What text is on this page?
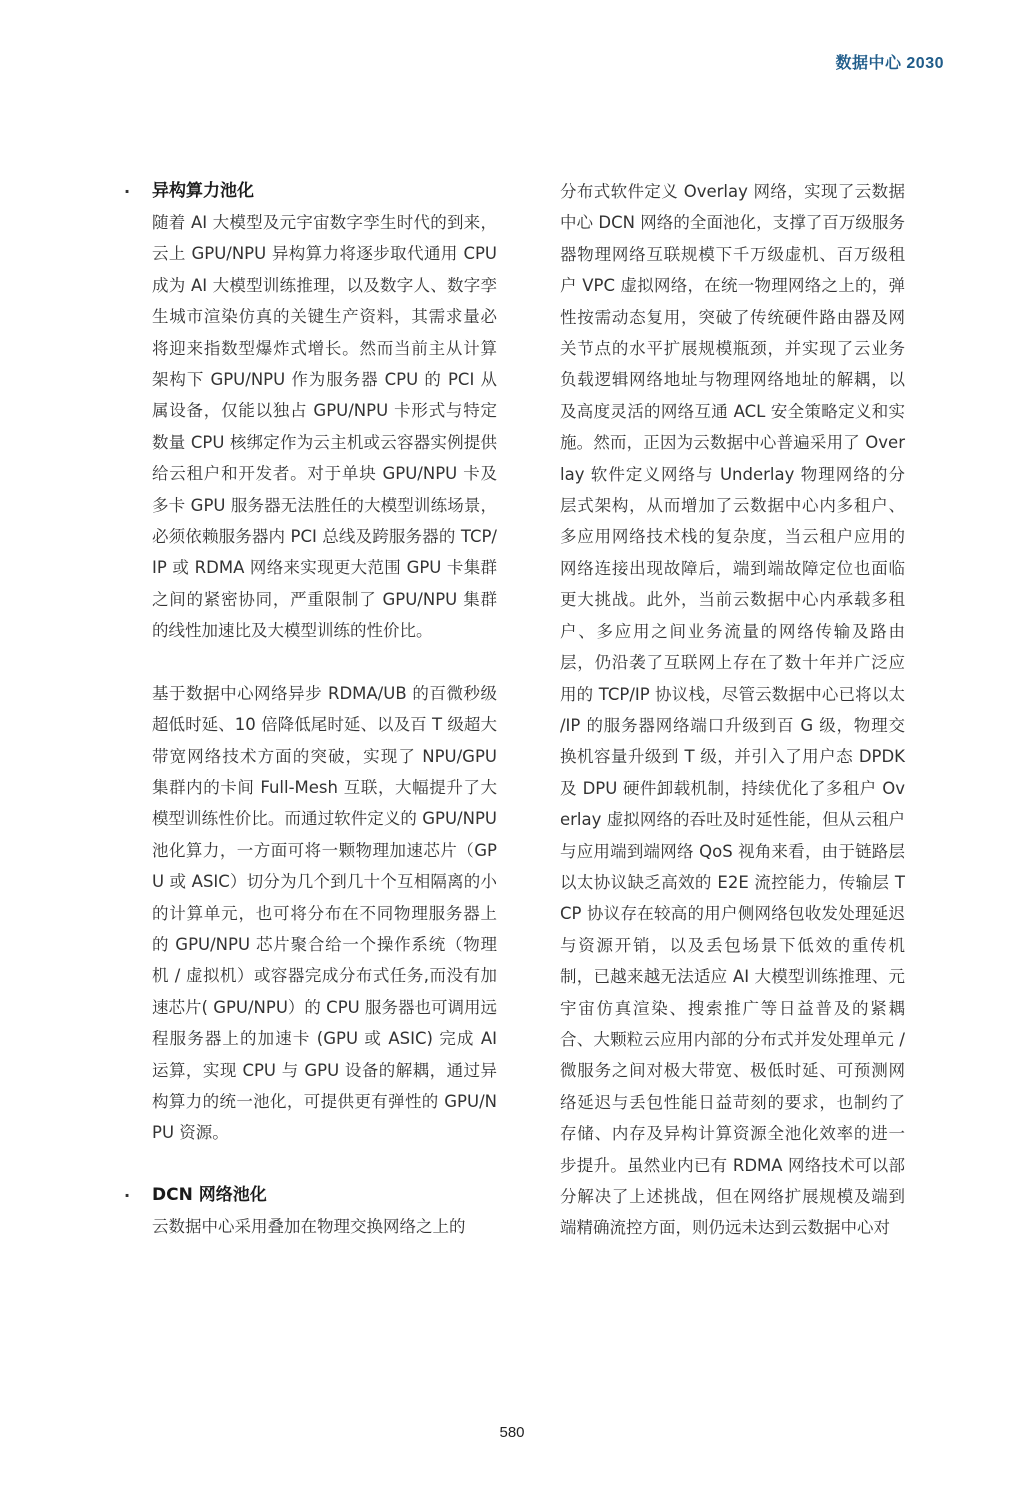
数据中心 2030
· 异构算力池化

随着 AI 大模型及元宇宙数字孪生时代的到来，云上 GPU/NPU 异构算力将逐步取代通用 CPU 成为 AI 大模型训练推理，以及数字人、数字孪生城市渲染仿真的关键生产资料，其需求量必将迎来指数型爆炸式增长。然而当前主从计算架构下 GPU/NPU 作为服务器 CPU 的 PCI 从属设备，仅能以独占 GPU/NPU 卡形式与特定数量 CPU 核绑定作为云主机或云容器实例提供给云租户和开发者。对于单块 GPU/NPU 卡及多卡 GPU 服务器无法胜任的大模型训练场景，必须依赖服务器内 PCI 总线及跨服务器的 TCP/IP 或 RDMA 网络来实现更大范围 GPU 卡集群之间的紧密协同，严重限制了 GPU/NPU 集群的线性加速比及大模型训练的性价比。

基于数据中心网络异步 RDMA/UB 的百微秒级超低时延、10 倍降低尾时延、以及百 T 级超大带宽网络技术方面的突破，实现了 NPU/GPU 集群内的卡间 Full-Mesh 互联，大幅提升了大模型训练性价比。而通过软件定义的 GPU/NPU 池化算力，一方面可将一颗物理加速芯片（GPU 或 ASIC）切分为几个到几十个互相隔离的小的计算单元，也可将分布在不同物理服务器上的 GPU/NPU 芯片聚合给一个操作系统（物理机 / 虚拟机）或容器完成分布式任务,而没有加速芯片( GPU/NPU）的 CPU 服务器也可调用远程服务器上的加速卡 (GPU 或 ASIC) 完成 AI 运算，实现 CPU 与 GPU 设备的解耦，通过异构算力的统一池化，可提供更有弹性的 GPU/NPU 资源。

· DCN 网络池化

云数据中心采用叠加在物理交换网络之上的

分布式软件定义 Overlay 网络，实现了云数据中心 DCN 网络的全面池化，支撑了百万级服务器物理网络互联规模下千万级虚机、百万级租户 VPC 虚拟网络，在统一物理网络之上的，弹性按需动态复用，突破了传统硬件路由器及网关节点的水平扩展规模瓶颈，并实现了云业务负载逻辑网络地址与物理网络地址的解耦，以及高度灵活的网络互通 ACL 安全策略定义和实施。然而，正因为云数据中心普遍采用了 Overlay 软件定义网络与 Underlay 物理网络的分层式架构，从而增加了云数据中心内多租户、多应用网络技术栈的复杂度，当云租户应用的网络连接出现故障后，端到端故障定位也面临更大挑战。此外，当前云数据中心内承载多租户、多应用之间业务流量的网络传输及路由层，仍沿袭了互联网上存在了数十年并广泛应用的 TCP/IP 协议栈，尽管云数据中心已将以太 /IP 的服务器网络端口升级到百 G 级，物理交换机容量升级到 T 级，并引入了用户态 DPDK 及 DPU 硬件卸载机制，持续优化了多租户 Overlay 虚拟网络的吞吐及时延性能，但从云租户与应用端到端网络 QoS 视角来看，由于链路层以太协议缺乏高效的 E2E 流控能力，传输层 TCP 协议存在较高的用户侧网络包收发处理延迟与资源开销，以及丢包场景下低效的重传机制，已越来越无法适应 AI 大模型训练推理、元宇宙仿真渲染、搜索推广等日益普及的紧耦合、大颗粒云应用内部的分布式并发处理单元 / 微服务之间对极大带宽、极低时延、可预测网络延迟与丢包性能日益苛刻的要求，也制约了存储、内存及异构计算资源全池化效率的进一步提升。虽然业内已有 RDMA 网络技术可以部分解决了上述挑战，但在网络扩展规模及端到端精确流控方面，则仍远未达到云数据中心对

580
